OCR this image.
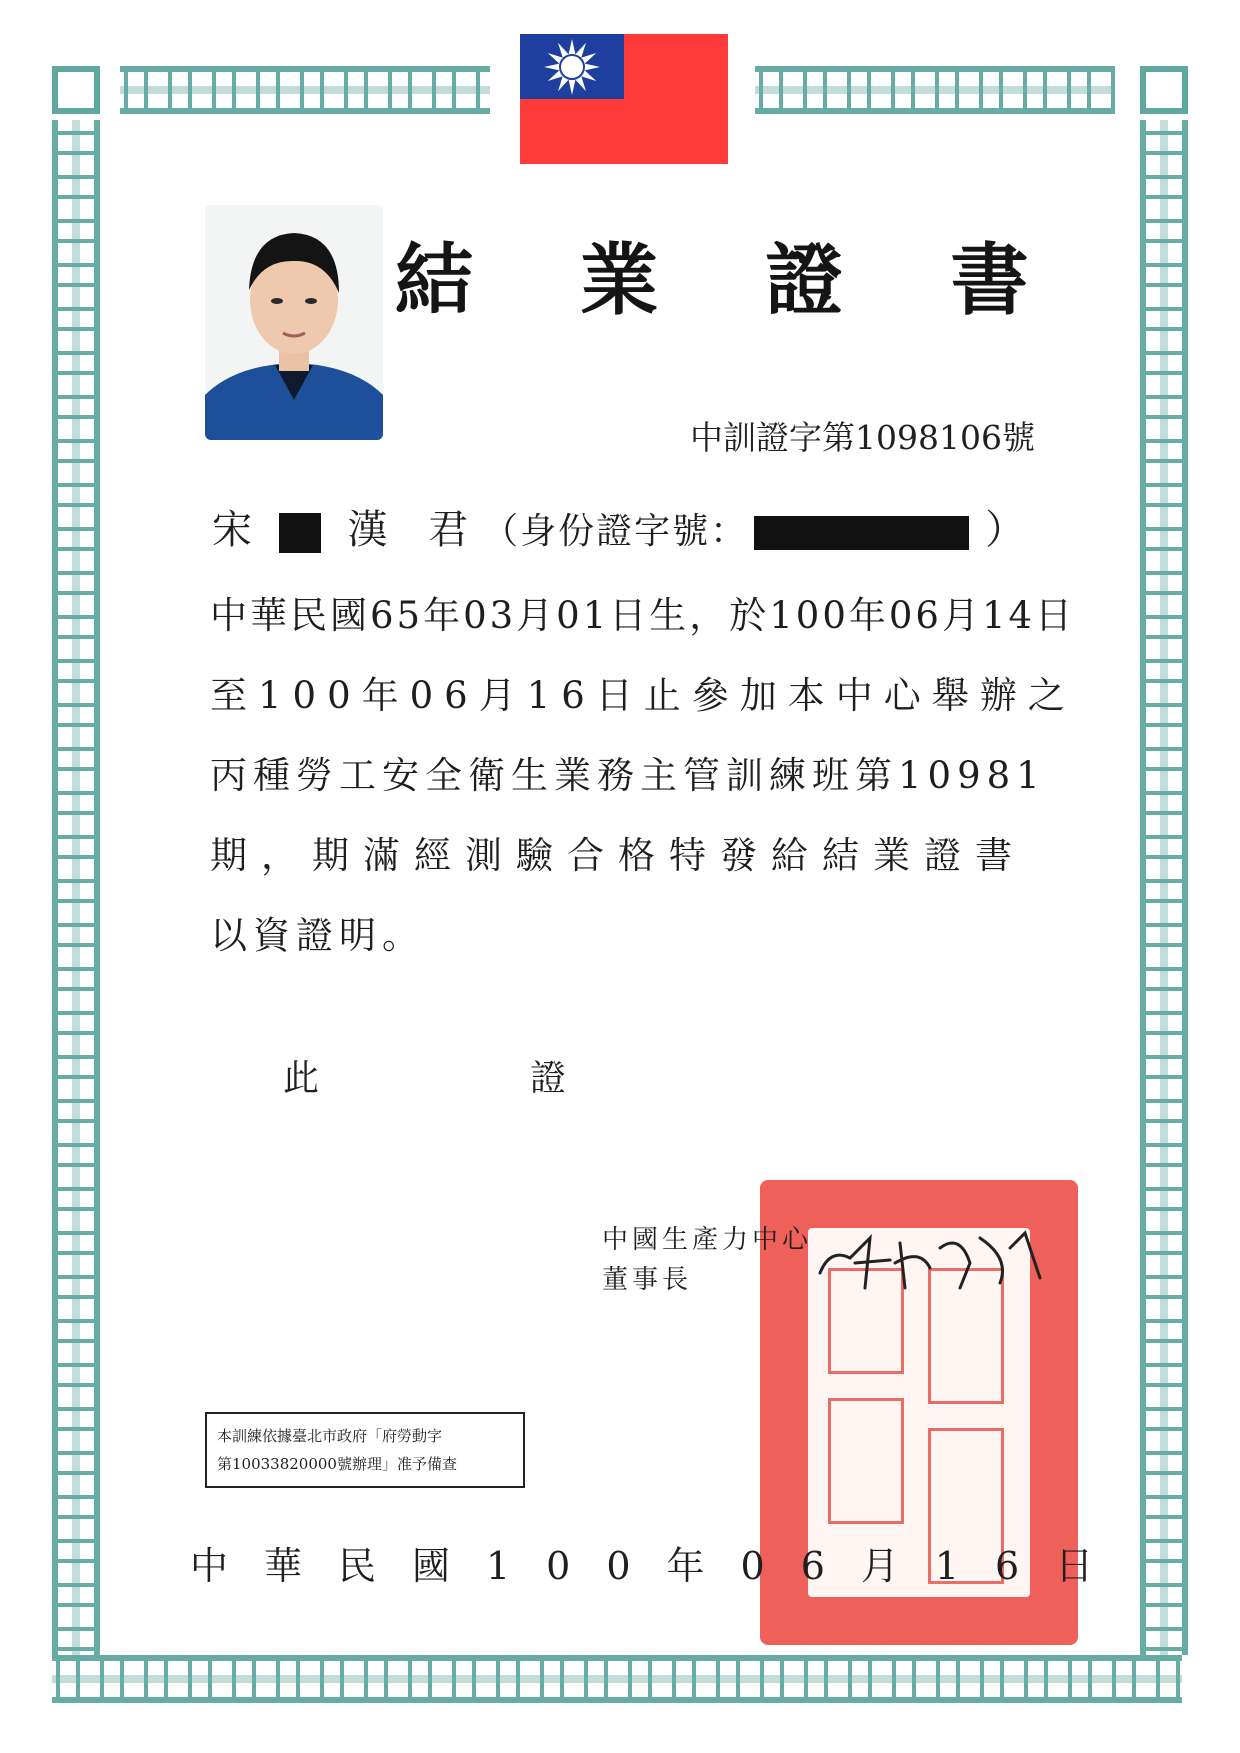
結 業 證 書
中訓證字第1098106號
宋 漢 君（身份證字號：	）
中華民國65年03月01日生，於100年06月14日
至100年06月16日止參加本中心舉辦之
丙種勞工安全衛生業務主管訓練班第10981
期，期滿經測驗合格特發給結業證書
以資證明。
此	證
中國生產力中心
董事長
本訓練依據臺北市政府「府勞動字
第10033820000號辦理」准予備查
中華民國100年06月16日
